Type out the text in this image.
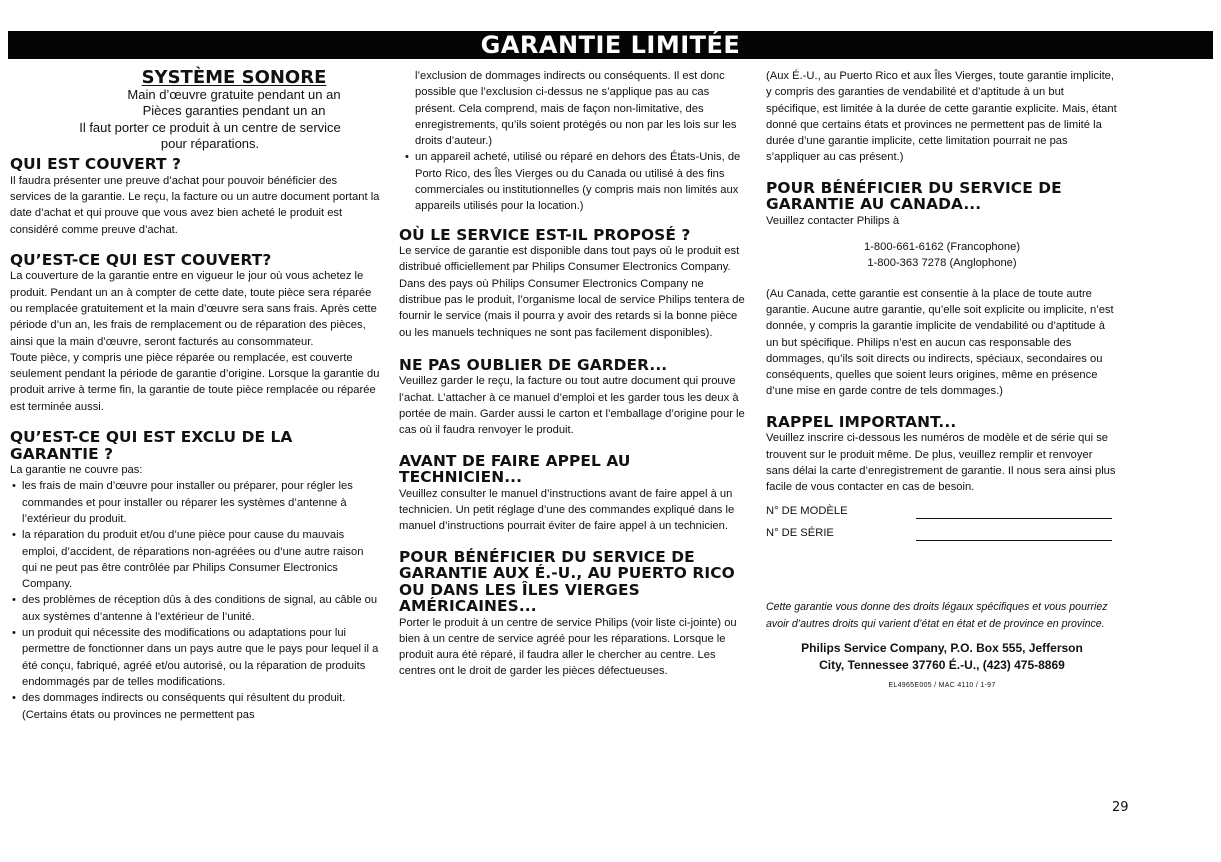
GARANTIE LIMITÉE
SYSTÈME SONORE

Main d’œuvre gratuite pendant un an

Pièces garanties pendant un an

Il faut porter ce produit à un centre de service

pour réparations.

QUI EST COUVERT ?

Il faudra présenter une preuve d’achat pour pouvoir bénéficier des services de la garantie. Le reçu, la facture ou un autre document portant la date d’achat et qui prouve que vous avez bien acheté le produit est considéré comme preuve d’achat.

QU’EST-CE QUI EST COUVERT?

La couverture de la garantie entre en vigueur le jour où vous achetez le produit. Pendant un an à compter de cette date, toute pièce sera réparée ou remplacée gratuitement et la main d’œuvre sera sans frais. Après cette période d’un an, les frais de remplacement ou de réparation des pièces, ainsi que la main d’œuvre, seront facturés au consommateur.

Toute pièce, y compris une pièce réparée ou remplacée, est couverte seulement pendant la période de garantie d’origine. Lorsque la garantie du produit arrive à terme fin, la garantie de toute pièce remplacée ou réparée est terminée aussi.

QU’EST-CE QUI EST EXCLU DE LA GARANTIE ?

La garantie ne couvre pas:

• les frais de main d’œuvre pour installer ou préparer, pour régler les commandes et pour installer ou réparer les systèmes d’antenne à l’extérieur du produit.
• la réparation du produit et/ou d’une pièce pour cause du mauvais emploi, d’accident, de réparations non-agréées ou d’une autre raison qui ne peut pas être contrôlée par Philips Consumer Electronics Company.
• des problèmes de réception dûs à des conditions de signal, au câble ou aux systèmes d’antenne à l’extérieur de l’unité.
• un produit qui nécessite des modifications ou adaptations pour lui permettre de fonctionner dans un pays autre que le pays pour lequel il a été conçu, fabriqué, agréé et/ou autorisé, ou la réparation de produits endommagés par de telles modifications.
• des dommages indirects ou conséquents qui résultent du produit. (Certains états ou provinces ne permettent pas

l’exclusion de dommages indirects ou conséquents. Il est donc possible que l’exclusion ci-dessus ne s’applique pas au cas présent. Cela comprend, mais de façon non-limitative, des enregistrements, qu’ils soient protégés ou non par les lois sur les droits d’auteur.)

• un appareil acheté, utilisé ou réparé en dehors des États-Unis, de Porto Rico, des Îles Vierges ou du Canada ou utilisé à des fins commerciales ou institutionnelles (y compris mais non limités aux appareils utilisés pour la location.)
OÙ LE SERVICE EST-IL PROPOSÉ ?

Le service de garantie est disponible dans tout pays où le produit est distribué officiellement par Philips Consumer Electronics Company. Dans des pays où Philips Consumer Electronics Company ne distribue pas le produit, l’organisme local de service Philips tentera de fournir le service (mais il pourra y avoir des retards si la bonne pièce ou les manuels techniques ne sont pas facilement disponibles).

NE PAS OUBLIER DE GARDER...

Veuillez garder le reçu, la facture ou tout autre document qui prouve l’achat. L’attacher à ce manuel d’emploi et les garder tous les deux à portée de main. Garder aussi le carton et l’emballage d’origine pour le cas où il faudra renvoyer le produit.

AVANT DE FAIRE APPEL AU TECHNICIEN...

Veuillez consulter le manuel d’instructions avant de faire appel à un technicien. Un petit réglage d’une des commandes expliqué dans le manuel d’instructions pourrait éviter de faire appel à un technicien.

POUR BÉNÉFICIER DU SERVICE DE GARANTIE AUX É.-U., AU PUERTO RICO OU DANS LES ÎLES VIERGES AMÉRICAINES...

Porter le produit à un centre de service Philips (voir liste ci-jointe) ou bien à un centre de service agréé pour les réparations. Lorsque le produit aura été réparé, il faudra aller le chercher au centre. Les centres ont le droit de garder les pièces défectueuses.

(Aux É.-U., au Puerto Rico et aux Îles Vierges, toute garantie implicite, y compris des garanties de vendabilité et d’aptitude à un but spécifique, est limitée à la durée de cette garantie explicite. Mais, étant donné que certains états et provinces ne permettent pas de limité la durée d’une garantie implicite, cette limitation pourrait ne pas s’appliquer au cas présent.)

POUR BÉNÉFICIER DU SERVICE DE GARANTIE AU CANADA...

Veuillez contacter Philips à

1-800-661-6162 (Francophone)

1-800-363 7278 (Anglophone)

(Au Canada, cette garantie est consentie à la place de toute autre garantie. Aucune autre garantie, qu’elle soit explicite ou implicite, n’est donnée, y compris la garantie implicite de vendabilité ou d’aptitude à un but spécifique. Philips n’est en aucun cas responsable des dommages, qu’ils soit directs ou indirects, spéciaux, secondaires ou conséquents, quelles que soient leurs origines, même en présence d’une mise en garde contre de tels dommages.)

RAPPEL IMPORTANT...

Veuillez inscrire ci-dessous les numéros de modèle et de série qui se trouvent sur le produit même. De plus, veuillez remplir et renvoyer sans délai la carte d’enregistrement de garantie. Il nous sera ainsi plus facile de vous contacter en cas de besoin.

N° DE MODÈLE
N° DE SÉRIE

Cette garantie vous donne des droits légaux spécifiques et vous pourriez avoir d’autres droits qui varient d’état en état et de province en province.

Philips Service Company, P.O. Box 555, Jefferson

City, Tennessee 37760 É.-U., (423) 475-8869

EL4965E005 / MAC 4110 / 1-97

29
